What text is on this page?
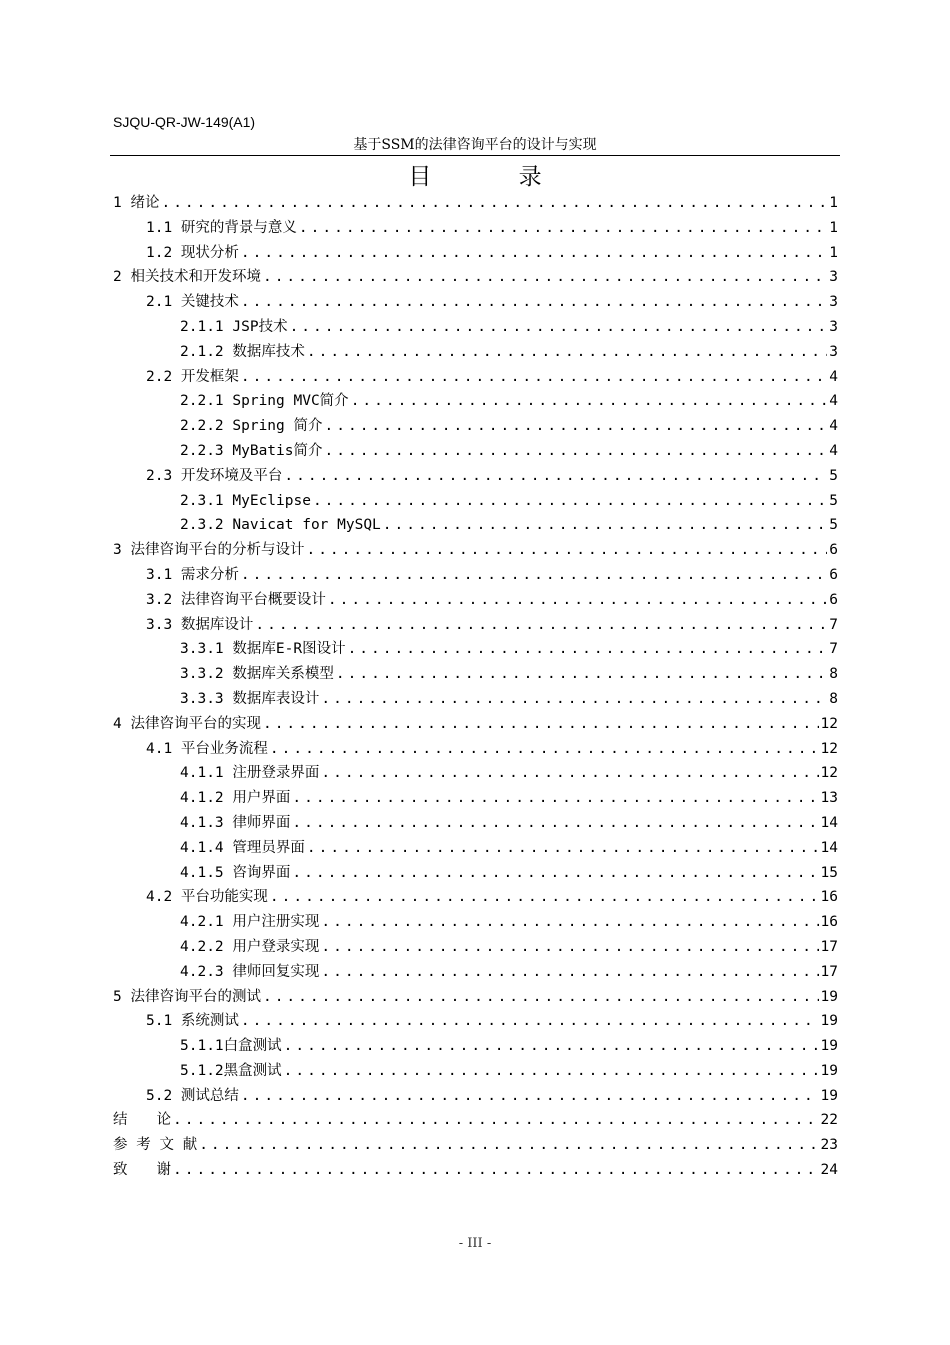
SJQU-QR-JW-149(A1)
基于SSM的法律咨询平台的设计与实现
目 录
1 绪论 .....	1
1.1 研究的背景与意义 .....	1
1.2 现状分析 .....	1
2 相关技术和开发环境 .....	3
2.1 关键技术 .....	3
2.1.1 JSP技术 .....	3
2.1.2 数据库技术 .....	3
2.2 开发框架 .....	4
2.2.1 Spring MVC简介 .....	4
2.2.2 Spring 简介 .....	4
2.2.3 MyBatis简介 .....	4
2.3 开发环境及平台 .....	5
2.3.1 MyEclipse .....	5
2.3.2 Navicat for MySQL .....	5
3 法律咨询平台的分析与设计 .....	6
3.1 需求分析 .....	6
3.2 法律咨询平台概要设计 .....	6
3.3 数据库设计 .....	7
3.3.1 数据库E-R图设计 .....	7
3.3.2 数据库关系模型 .....	8
3.3.3 数据库表设计 .....	8
4 法律咨询平台的实现 .....	12
4.1 平台业务流程 .....	12
4.1.1 注册登录界面 .....	12
4.1.2 用户界面 .....	13
4.1.3 律师界面 .....	14
4.1.4 管理员界面 .....	14
4.1.5 咨询界面 .....	15
4.2 平台功能实现 .....	16
4.2.1 用户注册实现 .....	16
4.2.2 用户登录实现 .....	17
4.2.3 律师回复实现 .....	17
5 法律咨询平台的测试 .....	19
5.1 系统测试 .....	19
5.1.1白盒测试 .....	19
5.1.2黑盒测试 .....	19
5.2 测试总结 .....	19
结　　论 .....	22
参 考 文 献 .....	23
致　　谢 .....	24
- III -
